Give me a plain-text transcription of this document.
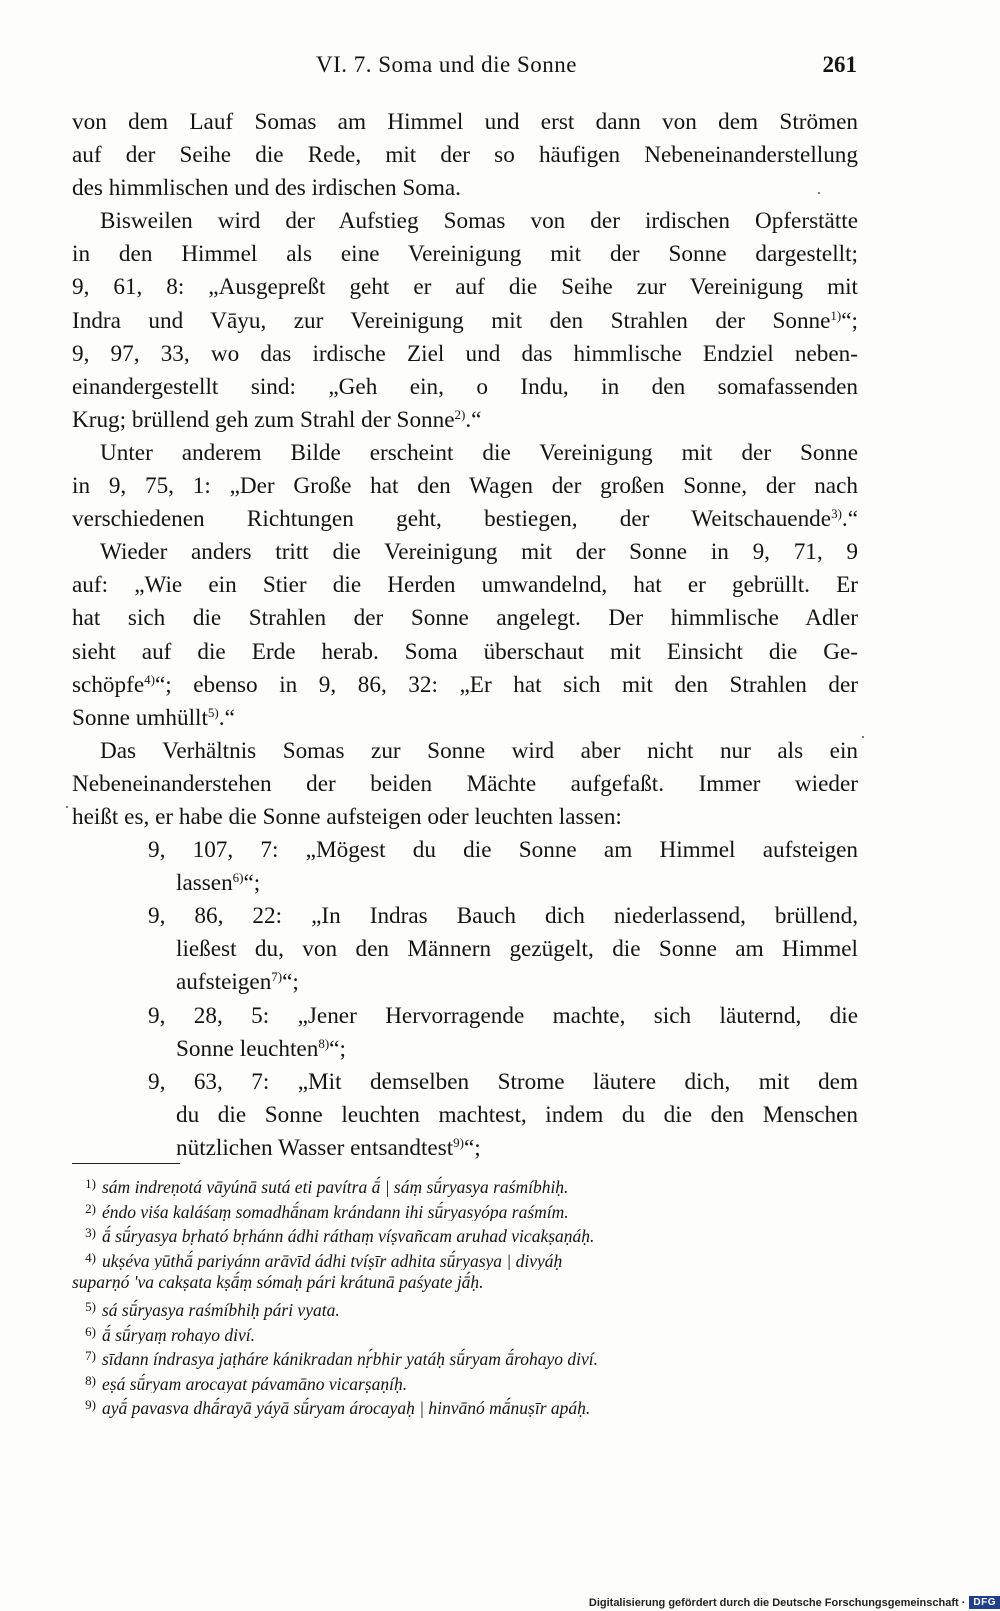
VI. 7. Soma und die Sonne	261
von dem Lauf Somas am Himmel und erst dann von dem Strömen
auf der Seihe die Rede, mit der so häufigen Nebeneinanderstellung
des himmlischen und des irdischen Soma.
Bisweilen wird der Aufstieg Somas von der irdischen Opferstätte
in den Himmel als eine Vereinigung mit der Sonne dargestellt;
9, 61, 8: „Ausgepreßt geht er auf die Seihe zur Vereinigung mit
Indra und Vāyu, zur Vereinigung mit den Strahlen der Sonne$^{1)}$“;
9, 97, 33, wo das irdische Ziel und das himmlische Endziel neben-
einandergestellt sind: „Geh ein, o Indu, in den somafassenden
Krug; brüllend geh zum Strahl der Sonne$^{2)}$.“
Unter anderem Bilde erscheint die Vereinigung mit der Sonne
in 9, 75, 1: „Der Große hat den Wagen der großen Sonne, der nach
verschiedenen Richtungen geht, bestiegen, der Weitschauende$^{3)}$.“
Wieder anders tritt die Vereinigung mit der Sonne in 9, 71, 9
auf: „Wie ein Stier die Herden umwandelnd, hat er gebrüllt. Er
hat sich die Strahlen der Sonne angelegt. Der himmlische Adler
sieht auf die Erde herab. Soma überschaut mit Einsicht die Ge-
schöpfe$^{4)}$“; ebenso in 9, 86, 32: „Er hat sich mit den Strahlen der
Sonne umhüllt$^{5)}$.“
Das Verhältnis Somas zur Sonne wird aber nicht nur als ein
Nebeneinanderstehen der beiden Mächte aufgefaßt. Immer wieder
heißt es, er habe die Sonne aufsteigen oder leuchten lassen:
9, 107, 7: „Mögest du die Sonne am Himmel aufsteigen
lassen$^{6)}$“;
9, 86, 22: „In Indras Bauch dich niederlassend, brüllend,
ließest du, von den Männern gezügelt, die Sonne am Himmel
aufsteigen$^{7)}$“;
9, 28, 5: „Jener Hervorragende machte, sich läuternd, die
Sonne leuchten$^{8)}$“;
9, 63, 7: „Mit demselben Strome läutere dich, mit dem
du die Sonne leuchten machtest, indem du die den Menschen
nützlichen Wasser entsandtest$^{9)}$“;
1) sám indreṇotá vāyúnā sutá eti pavítra ā́ | sáṃ sū́ryasya raśmíbhiḥ.
2) éndo viśa kaláśaṃ somadhā́nam krándann ihi sū́ryasyópa raśmím.
3) ā́ sū́ryasya bṛható bṛhánn ádhi ráthaṃ víṣvañcam aruhad vicakṣaṇáḥ.
4) ukṣéva yūthā́ pariyánn arāvīd ádhi tvíṣīr adhita sū́ryasya | divyáḥ
suparṇó 'va cakṣata kṣā́ṃ sómaḥ pári krátunā paśyate jā́ḥ.
5) sá sū́ryasya raśmíbhiḥ pári vyata.
6) ā́ sū́ryaṃ rohayo diví.
7) sīdann índrasya jaṭháre kánikradan nṛ́bhir yatáḥ sū́ryam ā́rohayo diví.
8) eṣá sū́ryam arocayat pávamāno vicarṣaṇíḥ.
9) ayā́ pavasva dhā́rayā yáyā sū́ryam árocayaḥ | hinvānó mā́nuṣīr apáḥ.
Digitalisierung gefördert durch die Deutsche Forschungsgemeinschaft · DFG
